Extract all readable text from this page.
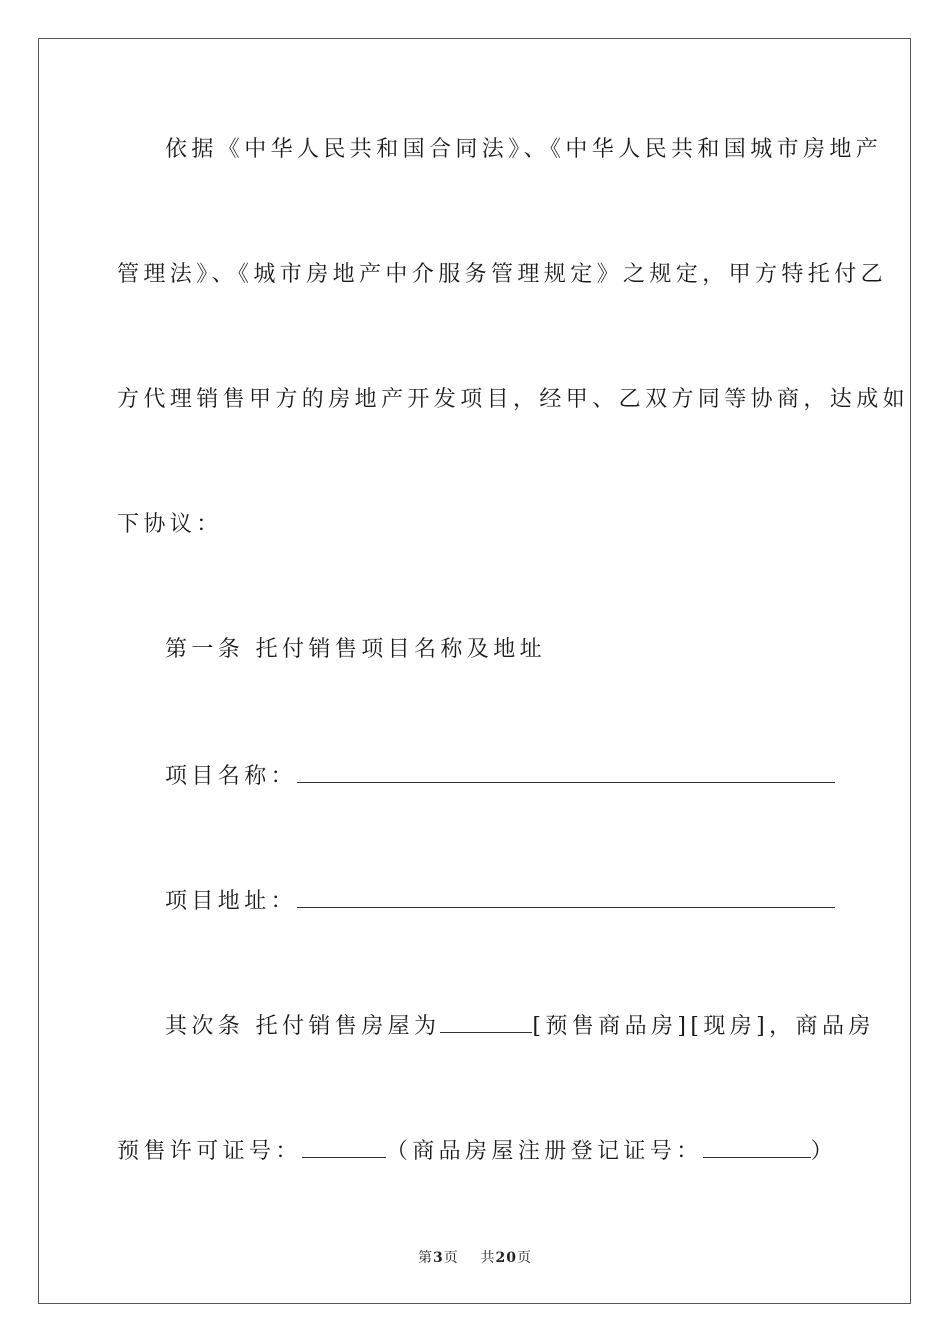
依据《中华人民共和国合同法》、《中华人民共和国城市房地产
管理法》、《城市房地产中介服务管理规定》之规定，甲方特托付乙
方代理销售甲方的房地产开发项目，经甲、乙双方同等协商，达成如
下协议：
第一条 托付销售项目名称及地址
项目名称：
项目地址：
其次条 托付销售房屋为	[预售商品房][现房]，商品房
预售许可证号：	（商品房屋注册登记证号：	）
第3页 共20页
